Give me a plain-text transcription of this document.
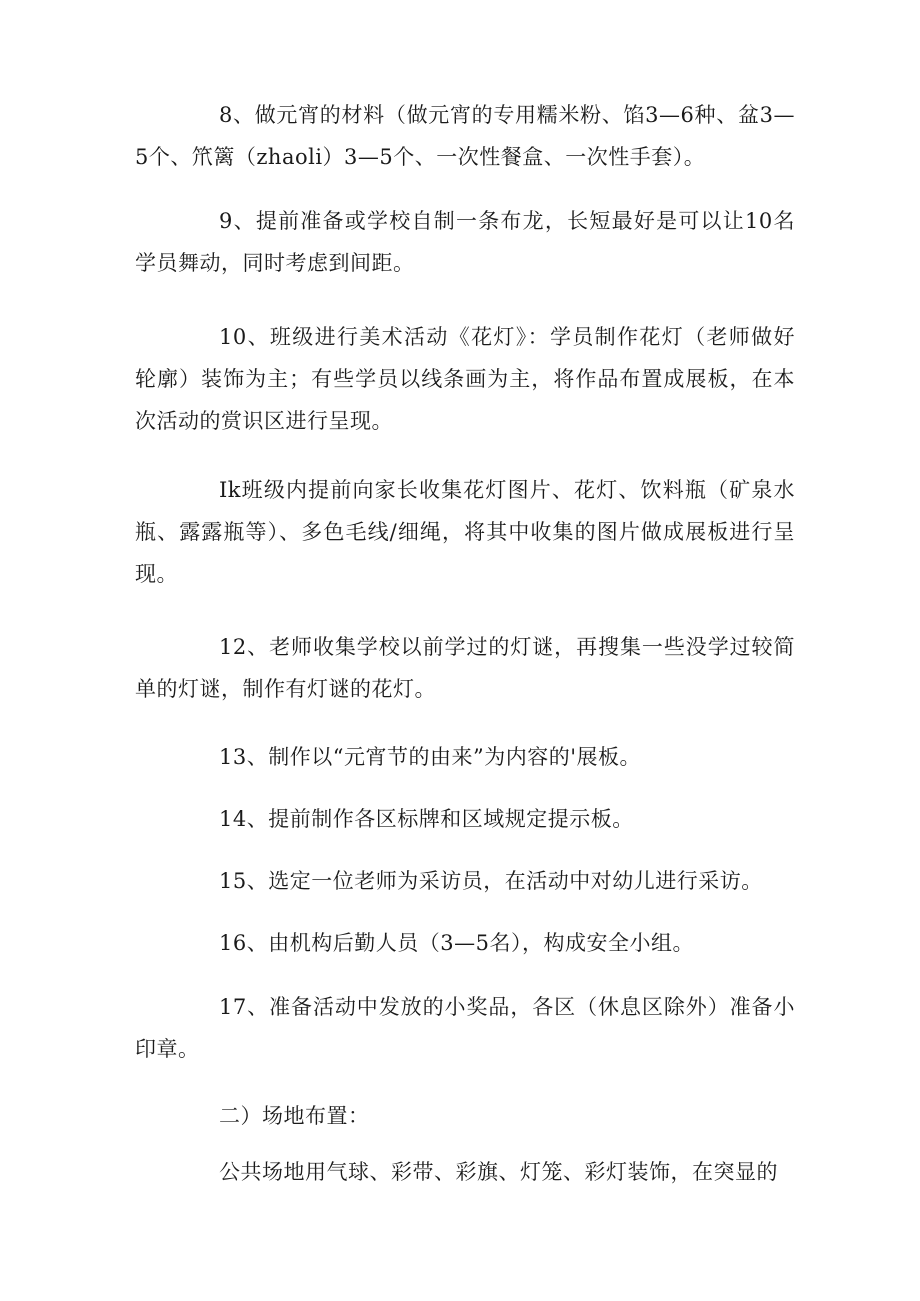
8、做元宵的材料（做元宵的专用糯米粉、馅3—6种、盆3—5个、笊篱（zhaoli）3—5个、一次性餐盒、一次性手套）。

9、提前准备或学校自制一条布龙，长短最好是可以让10名学员舞动，同时考虑到间距。

10、班级进行美术活动《花灯》：学员制作花灯（老师做好轮廓）装饰为主；有些学员以线条画为主，将作品布置成展板，在本次活动的赏识区进行呈现。

Ik班级内提前向家长收集花灯图片、花灯、饮料瓶（矿泉水瓶、露露瓶等）、多色毛线/细绳，将其中收集的图片做成展板进行呈现。

12、老师收集学校以前学过的灯谜，再搜集一些没学过较简单的灯谜，制作有灯谜的花灯。

13、制作以“元宵节的由来”为内容的'展板。

14、提前制作各区标牌和区域规定提示板。

15、选定一位老师为采访员，在活动中对幼儿进行采访。

16、由机构后勤人员（3—5名），构成安全小组。

17、准备活动中发放的小奖品，各区（休息区除外）准备小印章。

二）场地布置：

公共场地用气球、彩带、彩旗、灯笼、彩灯装饰，在突显的
